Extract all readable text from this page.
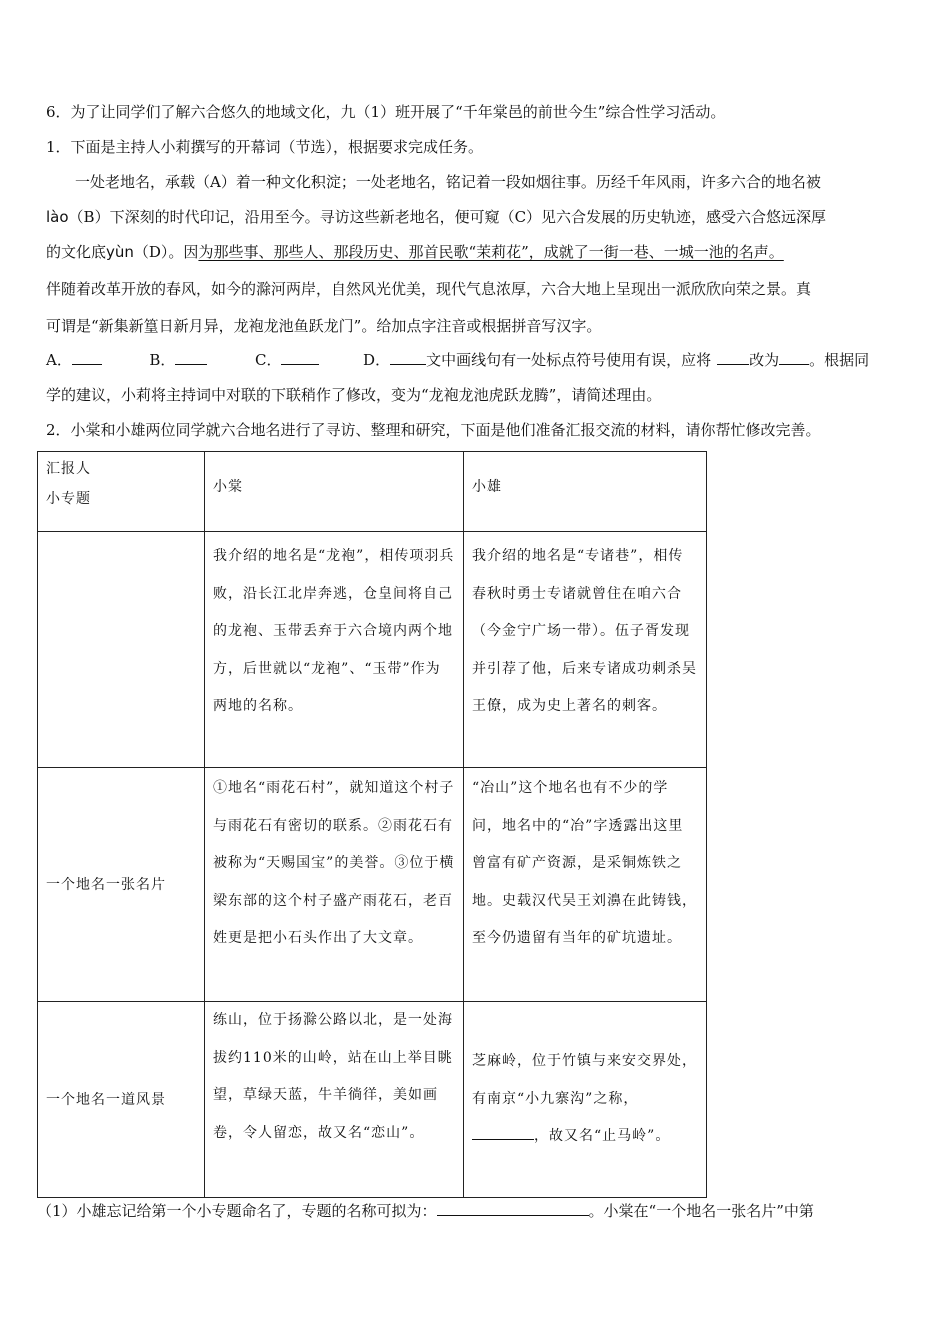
6．为了让同学们了解六合悠久的地域文化，九（1）班开展了“千年棠邑的前世今生”综合性学习活动。
1．下面是主持人小莉撰写的开幕词（节选），根据要求完成任务。
一处老地名，承载（A）着一种文化积淀；一处老地名，铭记着一段如烟往事。历经千年风雨，许多六合的地名被
lào（B）下深刻的时代印记，沿用至今。寻访这些新老地名，便可窥（C）见六合发展的历史轨迹，感受六合悠远深厚
的文化底yùn（D）。因为那些事、那些人、那段历史、那首民歌“茉莉花”，成就了一街一巷、一城一池的名声。
伴随着改革开放的春风，如今的滁河两岸，自然风光优美，现代气息浓厚，六合大地上呈现出一派欣欣向荣之景。真
可谓是“新集新篁日新月异，龙袍龙池鱼跃龙门”。给加点字注音或根据拼音写汉字。
A．	B．	C．	D． 文中画线句有一处标点符号使用有误，应将	改为 。根据同
学的建议，小莉将主持词中对联的下联稍作了修改，变为“龙袍龙池虎跃龙腾”，请简述理由。
2．小棠和小雄两位同学就六合地名进行了寻访、整理和研究，下面是他们准备汇报交流的材料，请你帮忙修改完善。
汇报人
小专题	小棠	小雄

	我介绍的地名是“龙袍”，相传项羽兵败，沿长江北岸奔逃，仓皇间将自己的龙袍、玉带丢弃于六合境内两个地方，后世就以“龙袍”、“玉带”作为两地的名称。	我介绍的地名是“专诸巷”，相传春秋时勇士专诸就曾住在咱六合（今金宁广场一带）。伍子胥发现并引荐了他，后来专诸成功刺杀吴王僚，成为史上著名的刺客。

一个地名一张名片	①地名“雨花石村”，就知道这个村子与雨花石有密切的联系。②雨花石有被称为“天赐国宝”的美誉。③位于横梁东部的这个村子盛产雨花石，老百姓更是把小石头作出了大文章。	“冶山”这个地名也有不少的学问，地名中的“冶”字透露出这里曾富有矿产资源，是采铜炼铁之地。史载汉代吴王刘濞在此铸钱，至今仍遗留有当年的矿坑遗址。

一个地名一道风景	练山，位于扬滁公路以北，是一处海拔约110米的山岭，站在山上举目眺望，草绿天蓝，牛羊徜徉，美如画卷，令人留恋，故又名“恋山”。	芝麻岭，位于竹镇与来安交界处，有南京“小九寨沟”之称，，故又名“止马岭”。
（1）小雄忘记给第一个小专题命名了，专题的名称可拟为：	。小棠在“一个地名一张名片”中第
